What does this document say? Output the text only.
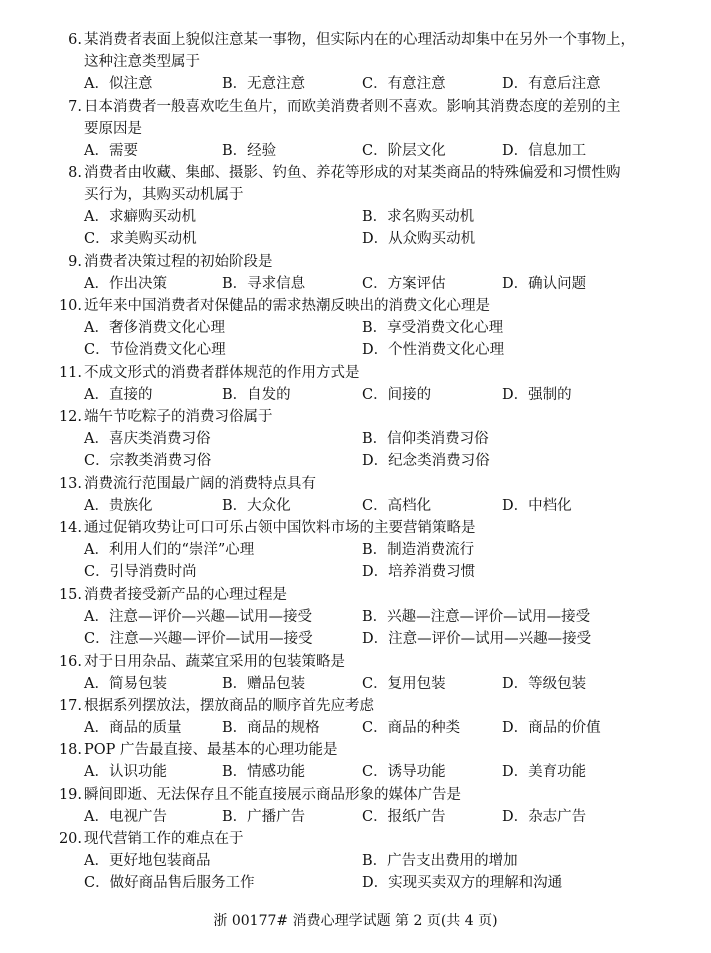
6. 某消费者表面上貌似注意某一事物，但实际内在的心理活动却集中在另外一个事物上，
这种注意类型属于
A．似注意	B．无意注意	C．有意注意	D．有意后注意
7. 日本消费者一般喜欢吃生鱼片，而欧美消费者则不喜欢。影响其消费态度的差别的主
要原因是
A．需要	B．经验	C．阶层文化	D．信息加工
8. 消费者由收藏、集邮、摄影、钓鱼、养花等形成的对某类商品的特殊偏爱和习惯性购
买行为，其购买动机属于
A．求癖购买动机	B．求名购买动机
C．求美购买动机	D．从众购买动机
9. 消费者决策过程的初始阶段是
A．作出决策	B．寻求信息	C．方案评估	D．确认问题
10. 近年来中国消费者对保健品的需求热潮反映出的消费文化心理是
A．奢侈消费文化心理	B．享受消费文化心理
C．节俭消费文化心理	D．个性消费文化心理
11. 不成文形式的消费者群体规范的作用方式是
A．直接的	B．自发的	C．间接的	D．强制的
12. 端午节吃粽子的消费习俗属于
A．喜庆类消费习俗	B．信仰类消费习俗
C．宗教类消费习俗	D．纪念类消费习俗
13. 消费流行范围最广阔的消费特点具有
A．贵族化	B．大众化	C．高档化	D．中档化
14. 通过促销攻势让可口可乐占领中国饮料市场的主要营销策略是
A．利用人们的“崇洋”心理	B．制造消费流行
C．引导消费时尚	D．培养消费习惯
15. 消费者接受新产品的心理过程是
A．注意—评价—兴趣—试用—接受	B．兴趣—注意—评价—试用—接受
C．注意—兴趣—评价—试用—接受	D．注意—评价—试用—兴趣—接受
16. 对于日用杂品、蔬菜宜采用的包装策略是
A．简易包装	B．赠品包装	C．复用包装	D．等级包装
17. 根据系列摆放法，摆放商品的顺序首先应考虑
A．商品的质量	B．商品的规格	C．商品的种类	D．商品的价值
18. POP 广告最直接、最基本的心理功能是
A．认识功能	B．情感功能	C．诱导功能	D．美育功能
19. 瞬间即逝、无法保存且不能直接展示商品形象的媒体广告是
A．电视广告	B．广播广告	C．报纸广告	D．杂志广告
20. 现代营销工作的难点在于
A．更好地包装商品	B．广告支出费用的增加
C．做好商品售后服务工作	D．实现买卖双方的理解和沟通
浙 00177# 消费心理学试题 第 2 页(共 4 页)
